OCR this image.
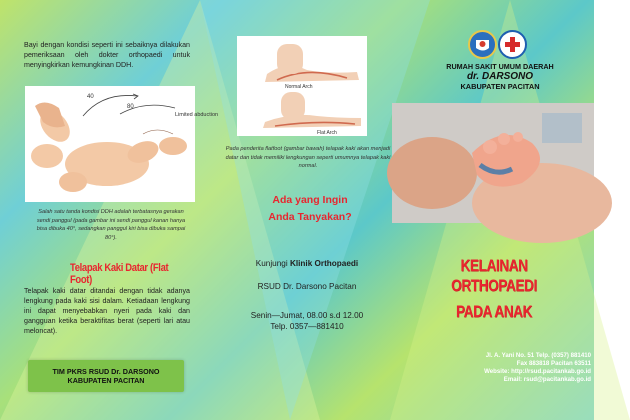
Bayi dengan kondisi seperti ini sebaiknya dilakukan pemeriksaan oleh dokter orthopaedi untuk menyingkirkan kemungkinan DDH.
40
80
Limited abduction
Salah satu tanda kondisi DDH adalah terbatasnya gerakan sendi panggul (pada gambar ini sendi panggul kanan hanya bisa dibuka 40°, sedangkan panggul kiri bisa dibuka sampai 80°).
Telapak Kaki Datar (Flat Foot)
Telapak kaki datar ditandai dengan tidak adanya lengkung pada kaki sisi dalam. Ketiadaan lengkung ini dapat menyebabkan nyeri pada kaki dan gangguan ketika beraktifitas berat (seperti lari atau meloncat).
TIM PKRS RSUD Dr. DARSONO
KABUPATEN PACITAN
Normal Arch
Flat Arch
Pada penderita flatfoot (gambar bawah) telapak kaki akan menjadi datar dan tidak memiliki lengkungan seperti umumnya telapak kaki normal.
Ada yang Ingin
Anda Tanyakan?
Kunjungi Klinik Orthopaedi
RSUD Dr. Darsono Pacitan
Senin—Jumat, 08.00 s.d 12.00
Telp. 0357—881410
RUMAH SAKIT UMUM DAERAH
dr. DARSONO
KABUPATEN PACITAN
KELAINAN ORTHOPAEDI
PADA ANAK
Jl. A. Yani No. 51 Telp. (0357) 881410
Fax 883818 Pacitan 63511
Website: http://rsud.pacitankab.go.id
Email: rsud@pacitankab.go.id
